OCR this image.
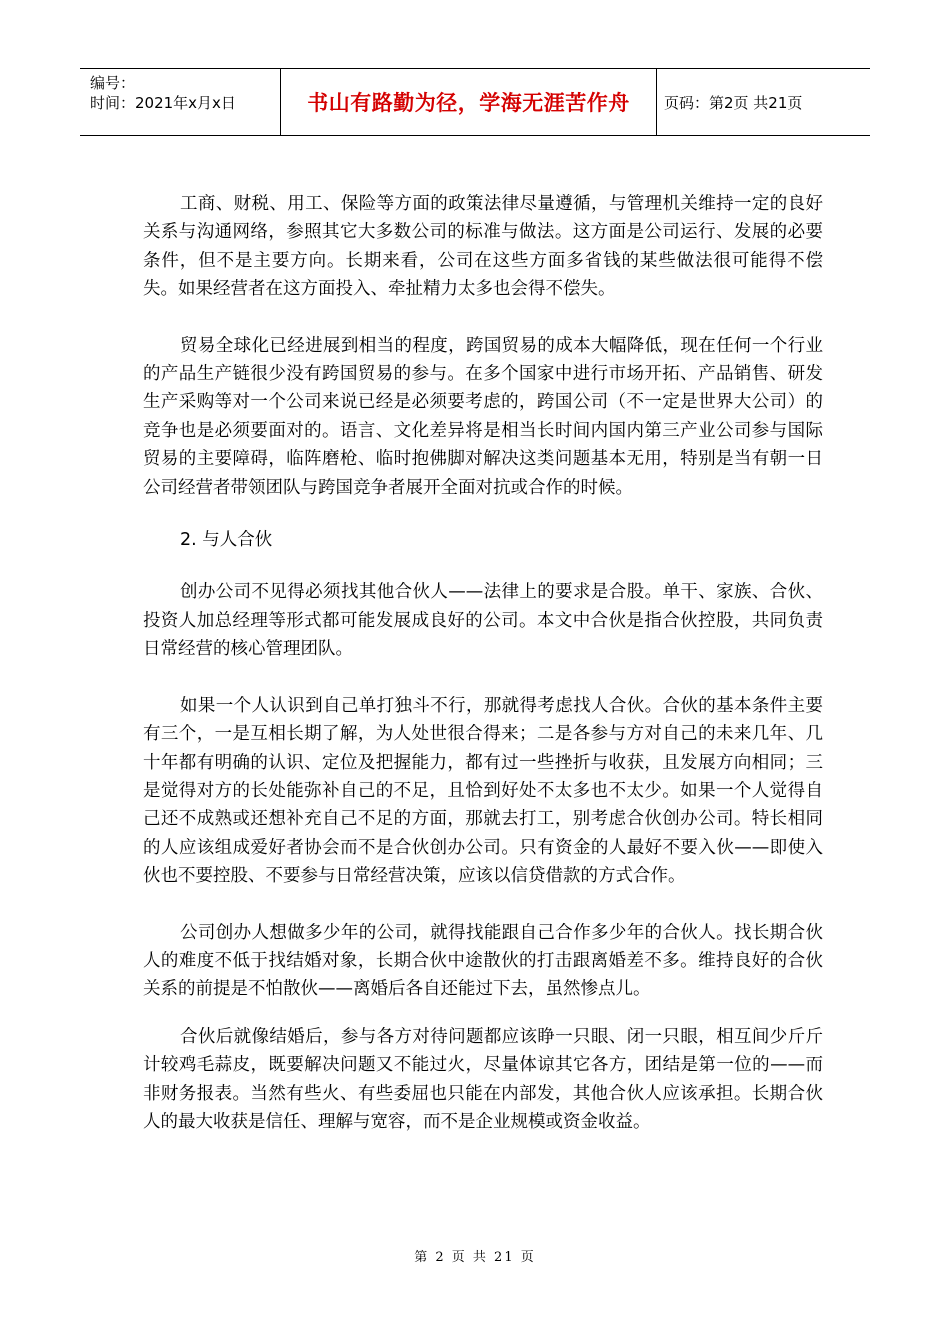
编号：
时间：2021年x月x日	书山有路勤为径，学海无涯苦作舟 页码：第2页 共21页

工商、财税、用工、保险等方面的政策法律尽量遵循，与管理机关维持一定的良好关系与沟通网络，参照其它大多数公司的标准与做法。这方面是公司运行、发展的必要条件，但不是主要方向。长期来看，公司在这些方面多省钱的某些做法很可能得不偿失。如果经营者在这方面投入、牵扯精力太多也会得不偿失。

贸易全球化已经进展到相当的程度，跨国贸易的成本大幅降低，现在任何一个行业的产品生产链很少没有跨国贸易的参与。在多个国家中进行市场开拓、产品销售、研发生产采购等对一个公司来说已经是必须要考虑的，跨国公司（不一定是世界大公司）的竞争也是必须要面对的。语言、文化差异将是相当长时间内国内第三产业公司参与国际贸易的主要障碍，临阵磨枪、临时抱佛脚对解决这类问题基本无用，特别是当有朝一日公司经营者带领团队与跨国竞争者展开全面对抗或合作的时候。

2. 与人合伙

创办公司不见得必须找其他合伙人——法律上的要求是合股。单干、家族、合伙、投资人加总经理等形式都可能发展成良好的公司。本文中合伙是指合伙控股，共同负责日常经营的核心管理团队。

如果一个人认识到自己单打独斗不行，那就得考虑找人合伙。合伙的基本条件主要有三个，一是互相长期了解，为人处世很合得来；二是各参与方对自己的未来几年、几十年都有明确的认识、定位及把握能力，都有过一些挫折与收获，且发展方向相同；三是觉得对方的长处能弥补自己的不足，且恰到好处不太多也不太少。如果一个人觉得自己还不成熟或还想补充自己不足的方面，那就去打工，别考虑合伙创办公司。特长相同的人应该组成爱好者协会而不是合伙创办公司。只有资金的人最好不要入伙——即使入伙也不要控股、不要参与日常经营决策，应该以信贷借款的方式合作。

公司创办人想做多少年的公司，就得找能跟自己合作多少年的合伙人。找长期合伙人的难度不低于找结婚对象，长期合伙中途散伙的打击跟离婚差不多。维持良好的合伙关系的前提是不怕散伙——离婚后各自还能过下去，虽然惨点儿。

合伙后就像结婚后，参与各方对待问题都应该睁一只眼、闭一只眼，相互间少斤斤计较鸡毛蒜皮，既要解决问题又不能过火，尽量体谅其它各方，团结是第一位的——而非财务报表。当然有些火、有些委屈也只能在内部发，其他合伙人应该承担。长期合伙人的最大收获是信任、理解与宽容，而不是企业规模或资金收益。

第 2 页 共 21 页
